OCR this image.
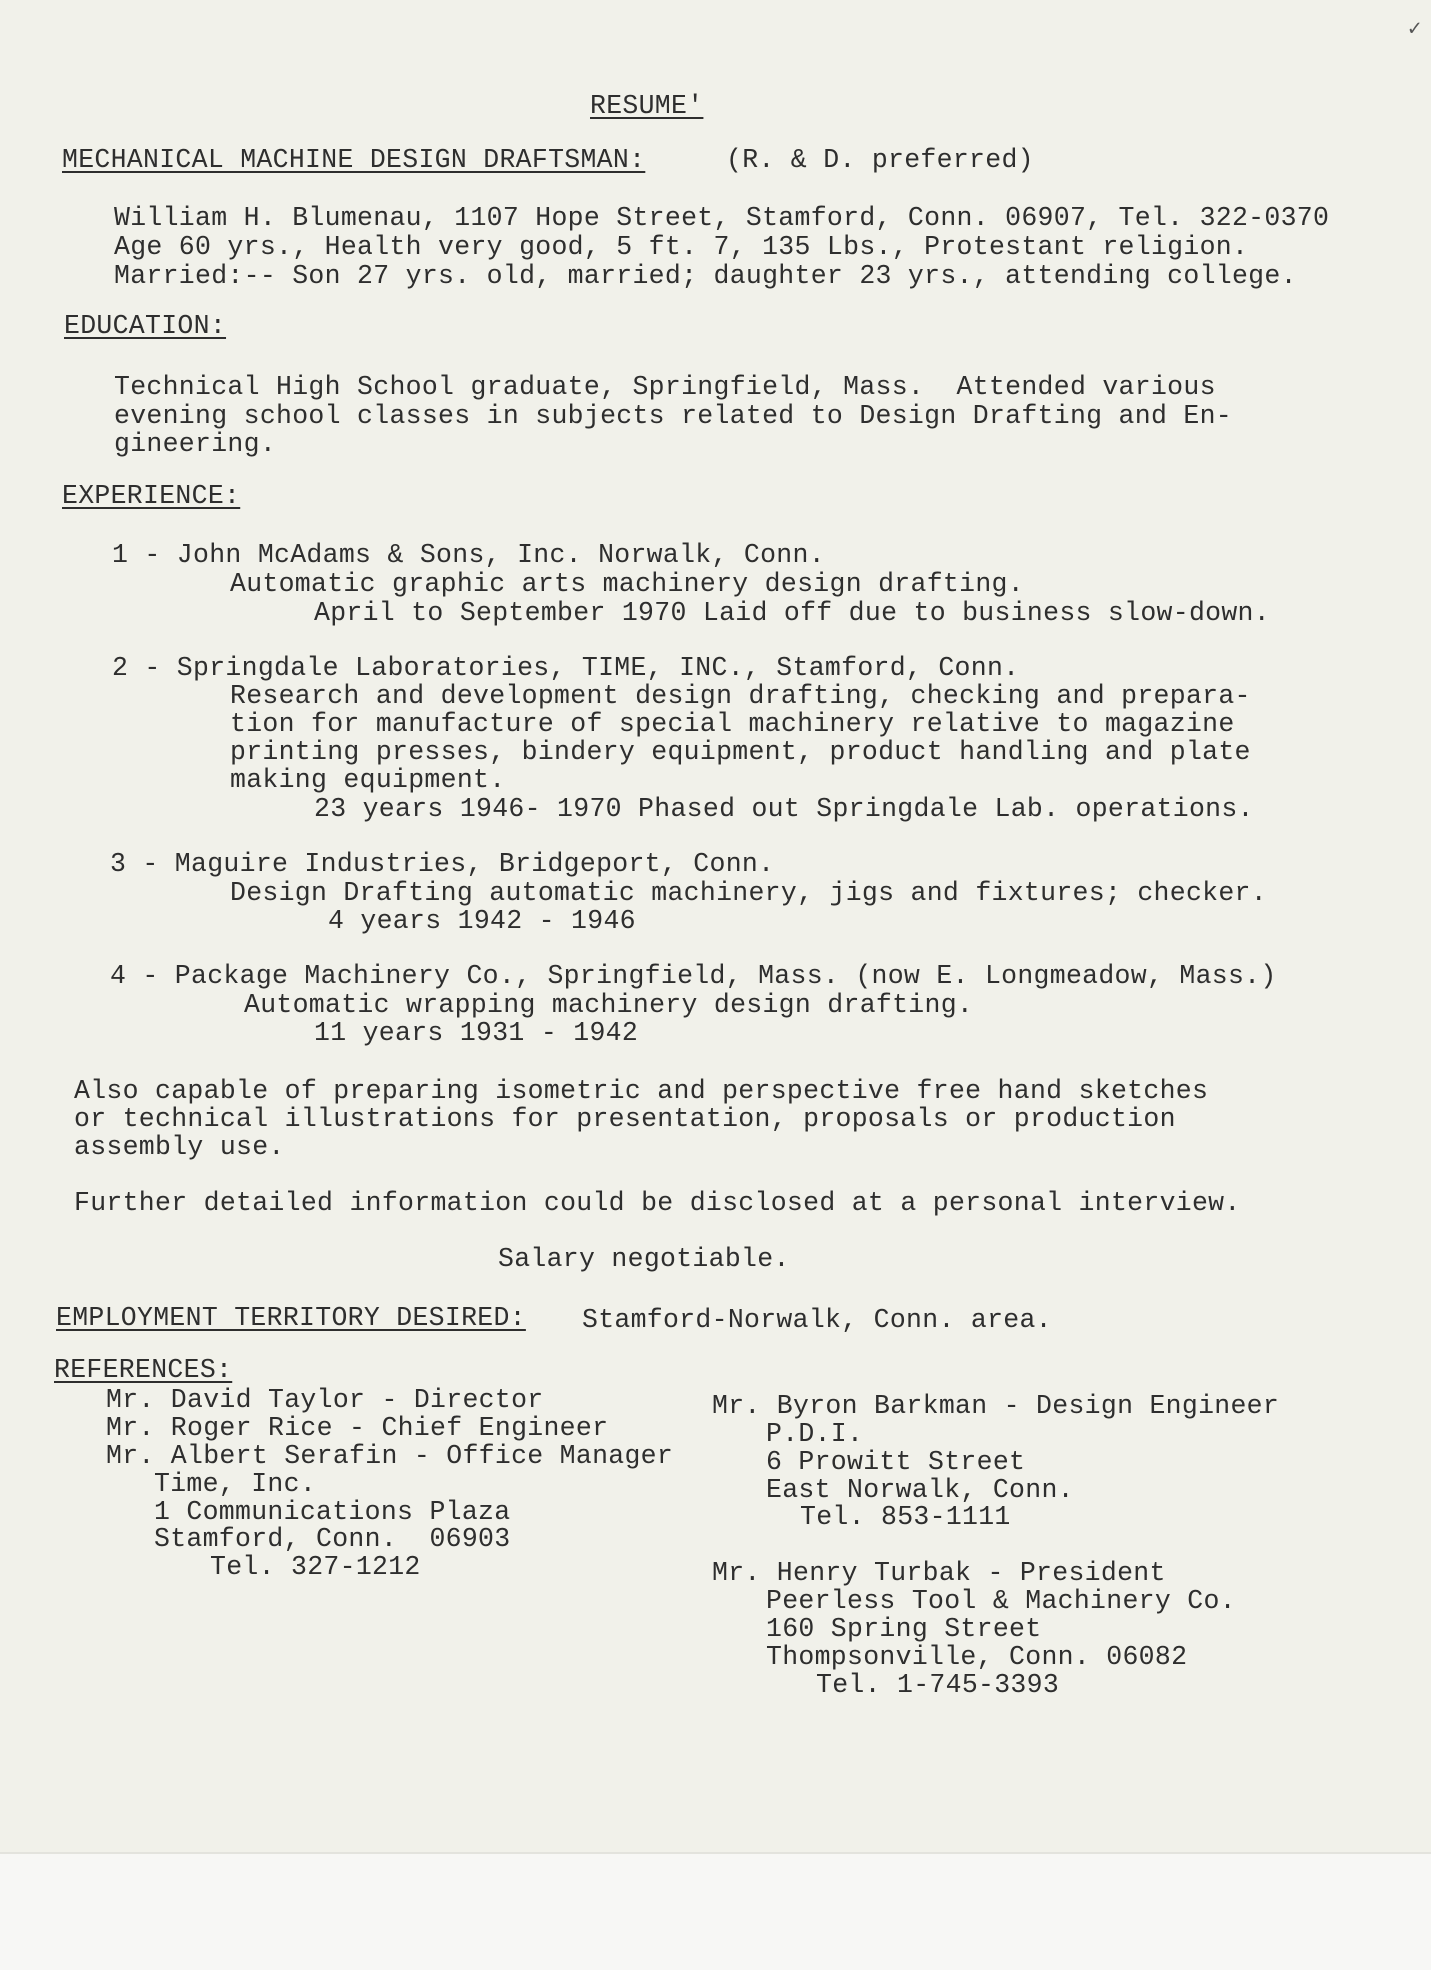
✓
RESUME'
MECHANICAL MACHINE DESIGN DRAFTSMAN:	(R. & D. preferred)
William H. Blumenau, 1107 Hope Street, Stamford, Conn. 06907, Tel. 322-0370
Age 60 yrs., Health very good, 5 ft. 7, 135 Lbs., Protestant religion.
Married:-- Son 27 yrs. old, married; daughter 23 yrs., attending college.
EDUCATION:
Technical High School graduate, Springfield, Mass.  Attended various
evening school classes in subjects related to Design Drafting and En-
gineering.
EXPERIENCE:
1 - John McAdams & Sons, Inc. Norwalk, Conn.
Automatic graphic arts machinery design drafting.
April to September 1970 Laid off due to business slow-down.
2 - Springdale Laboratories, TIME, INC., Stamford, Conn.
Research and development design drafting, checking and prepara-
tion for manufacture of special machinery relative to magazine
printing presses, bindery equipment, product handling and plate
making equipment.
23 years 1946- 1970 Phased out Springdale Lab. operations.
3 - Maguire Industries, Bridgeport, Conn.
Design Drafting automatic machinery, jigs and fixtures; checker.
4 years 1942 - 1946
4 - Package Machinery Co., Springfield, Mass. (now E. Longmeadow, Mass.)
Automatic wrapping machinery design drafting.
11 years 1931 - 1942
Also capable of preparing isometric and perspective free hand sketches
or technical illustrations for presentation, proposals or production
assembly use.
Further detailed information could be disclosed at a personal interview.
Salary negotiable.
EMPLOYMENT TERRITORY DESIRED: Stamford-Norwalk, Conn. area.
REFERENCES:
Mr. David Taylor - Director
Mr. Roger Rice - Chief Engineer
Mr. Albert Serafin - Office Manager
Time, Inc.
1 Communications Plaza
Stamford, Conn.  06903
Tel. 327-1212
Mr. Byron Barkman - Design Engineer
P.D.I.
6 Prowitt Street
East Norwalk, Conn.
Tel. 853-1111
Mr. Henry Turbak - President
Peerless Tool & Machinery Co.
160 Spring Street
Thompsonville, Conn. 06082
Tel. 1-745-3393
